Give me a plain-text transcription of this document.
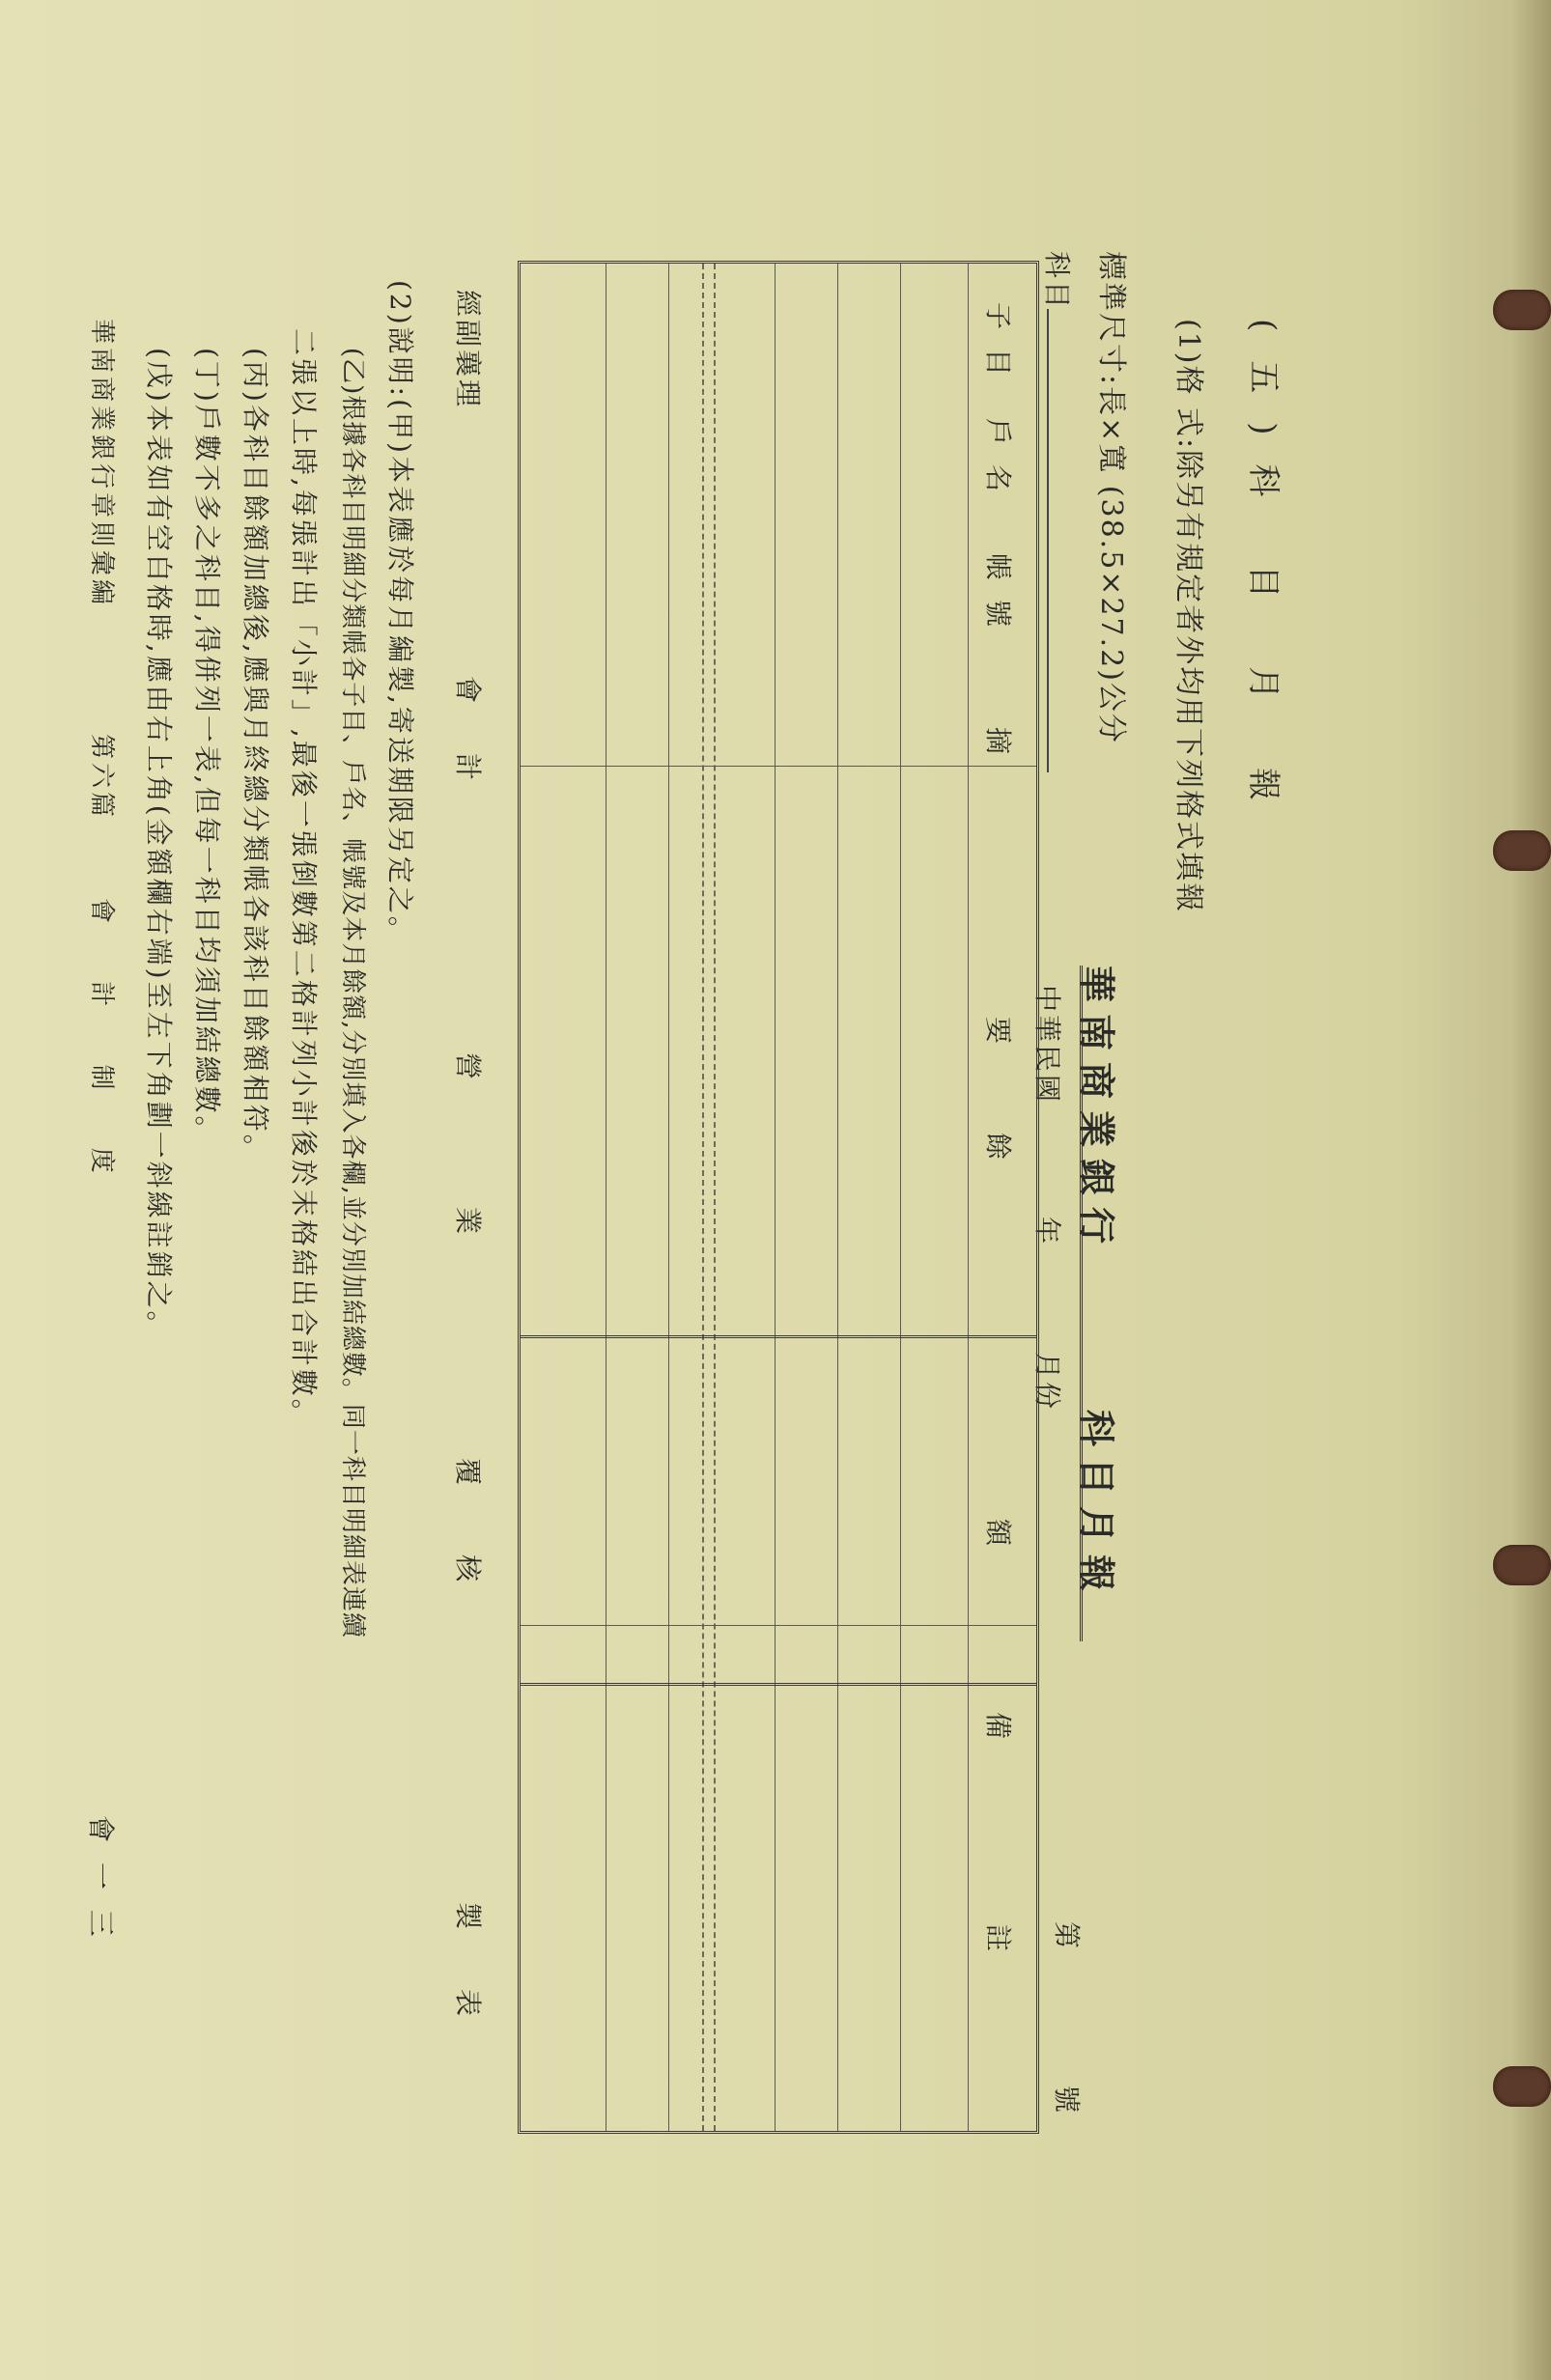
(五)科 目 月 報
(1)格 式:除另有規定者外均用下列格式填報
標準尺寸:長×寬 (38.5×27.2)公分
科目
華南商業銀行
科目月報
中華民國
年
月份
第
號
子目
戶名
帳號
摘
要
餘
額
備
註
經副襄理
會
計
營
業
覆
核
製
表
(2)說明:(甲)本表應於每月編製,寄送期限另定之。
(乙)根據各科目明細分類帳各子目、戶名、帳號及本月餘額,分別填入各欄,並分別加結總數。同一科目明細表連續
二張以上時,每張計出「小計」,最後一張倒數第二格計列小計後於末格結出合計數。
(丙)各科目餘額加總後,應與月終總分類帳各該科目餘額相符。
(丁)戶數不多之科目,得併列一表,但每一科目均須加結總數。
(戊)本表如有空白格時,應由右上角(金額欄右端)至左下角劃一斜線註銷之。
華南商業銀行章則彙編
第六篇
會 計 制 度
會 一 三
